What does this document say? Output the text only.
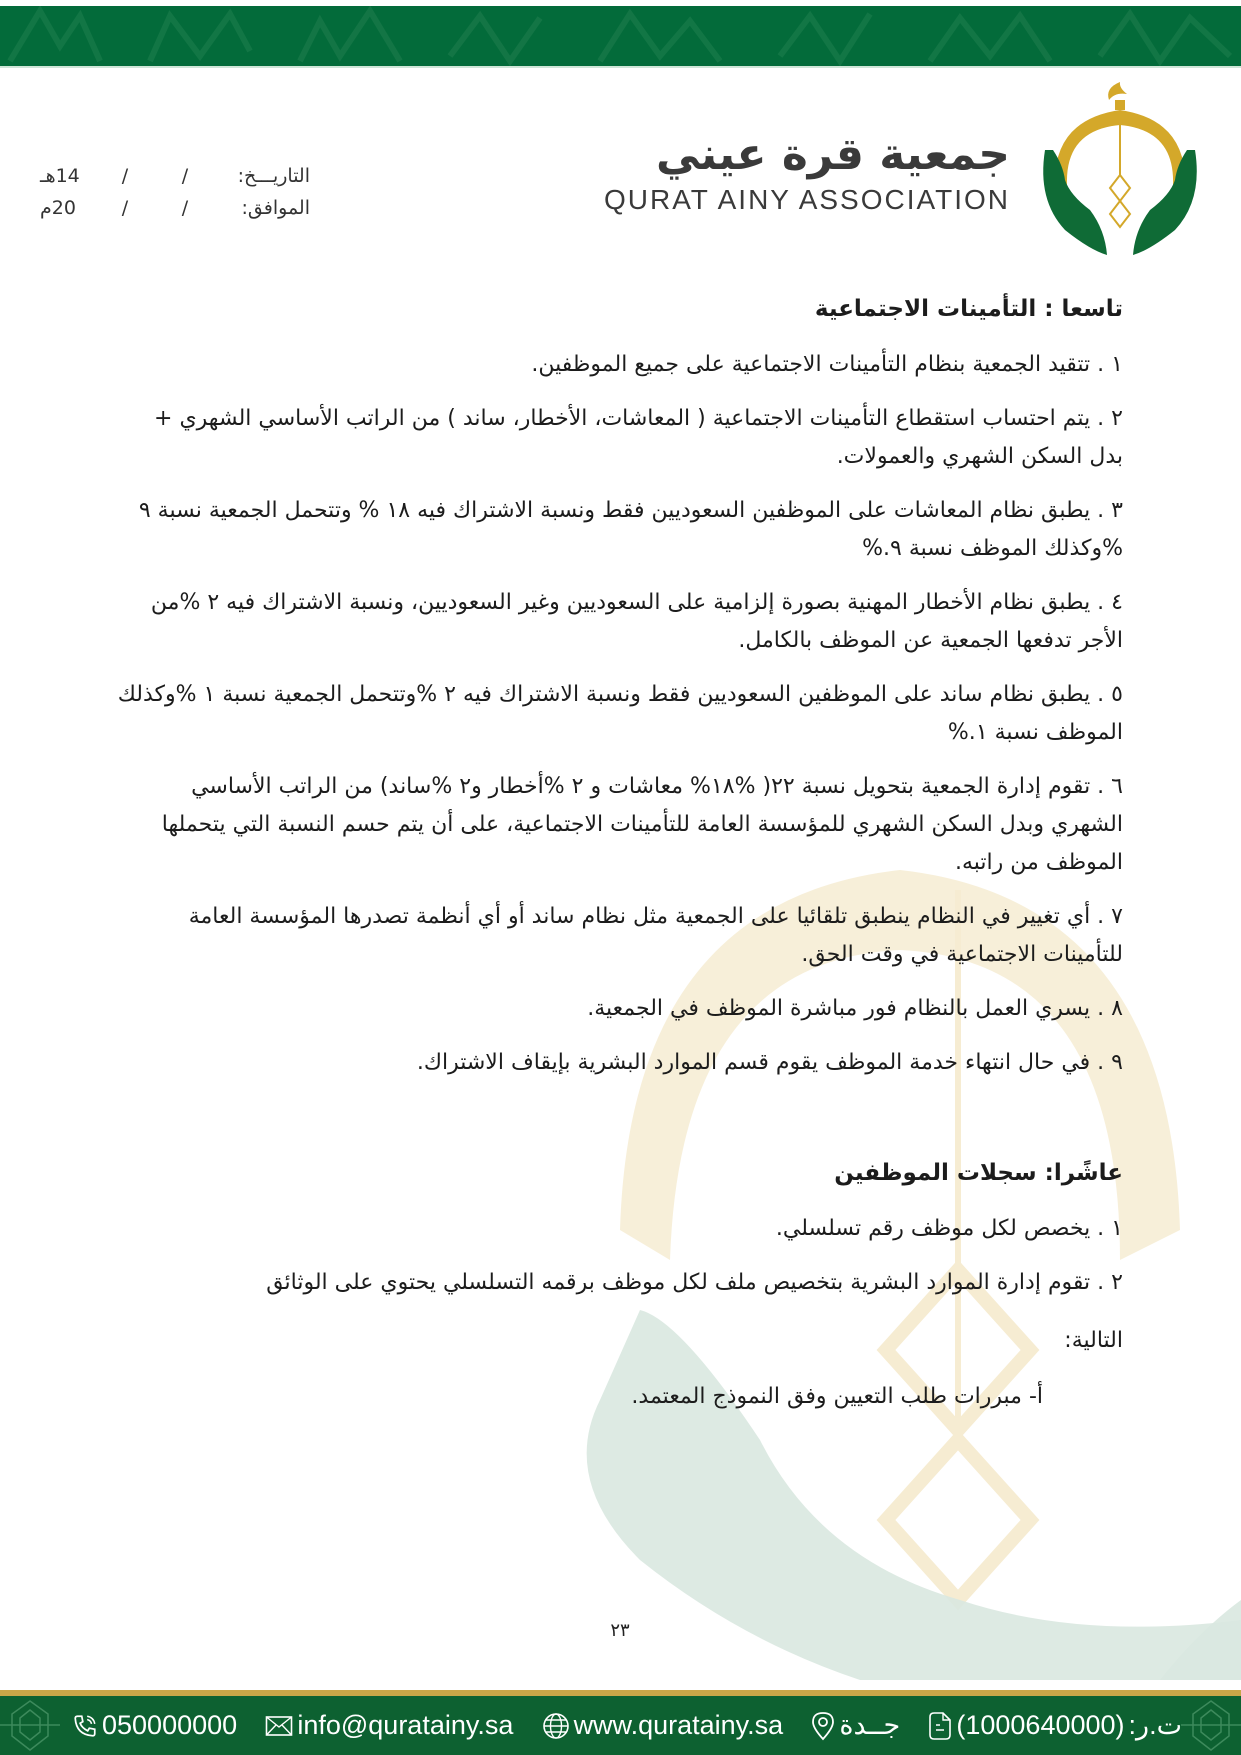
التاريـــخ:
/
/
14هـ
الموافق:
/
/
20م
جمعية قرة عيني
QURAT AINY ASSOCIATION
تاسعا : التأمينات الاجتماعية
١ . تتقيد الجمعية بنظام التأمينات الاجتماعية على جميع الموظفين.
٢ . يتم احتساب استقطاع التأمينات الاجتماعية ( المعاشات، الأخطار، ساند ) من الراتب الأساسي الشهري + بدل السكن الشهري والعمولات.
٣ . يطبق نظام المعاشات على الموظفين السعوديين فقط ونسبة الاشتراك فيه ١٨ % وتتحمل الجمعية نسبة ٩ %وكذلك الموظف نسبة ٩.%
٤ . يطبق نظام الأخطار المهنية بصورة إلزامية على السعوديين وغير السعوديين، ونسبة الاشتراك فيه ٢ %من الأجر تدفعها الجمعية عن الموظف بالكامل.
٥ . يطبق نظام ساند على الموظفين السعوديين فقط ونسبة الاشتراك فيه ٢ %وتتحمل الجمعية نسبة ١ %وكذلك الموظف نسبة ١.%
٦ . تقوم إدارة الجمعية بتحويل نسبة ٢٢( %١٨% معاشات و ٢ %أخطار و٢ %ساند) من الراتب الأساسي الشهري وبدل السكن الشهري للمؤسسة العامة للتأمينات الاجتماعية، على أن يتم حسم النسبة التي يتحملها الموظف من راتبه.
٧ . أي تغيير في النظام ينطبق تلقائيا على الجمعية مثل نظام ساند أو أي أنظمة تصدرها المؤسسة العامة للتأمينات الاجتماعية في وقت الحق.
٨ . يسري العمل بالنظام فور مباشرة الموظف في الجمعية.
٩ . في حال انتهاء خدمة الموظف يقوم قسم الموارد البشرية بإيقاف الاشتراك.
عاشًرا: سجلات الموظفين
١ . يخصص لكل موظف رقم تسلسلي.
٢ . تقوم إدارة الموارد البشرية بتخصيص ملف لكل موظف برقمه التسلسلي يحتوي على الوثائق
التالية:
أ- مبررات طلب التعيين وفق النموذج المعتمد.
٢٣
050000000 info@quratainy.sa www.quratainy.sa جــدة (1000640000) ت.ر:
